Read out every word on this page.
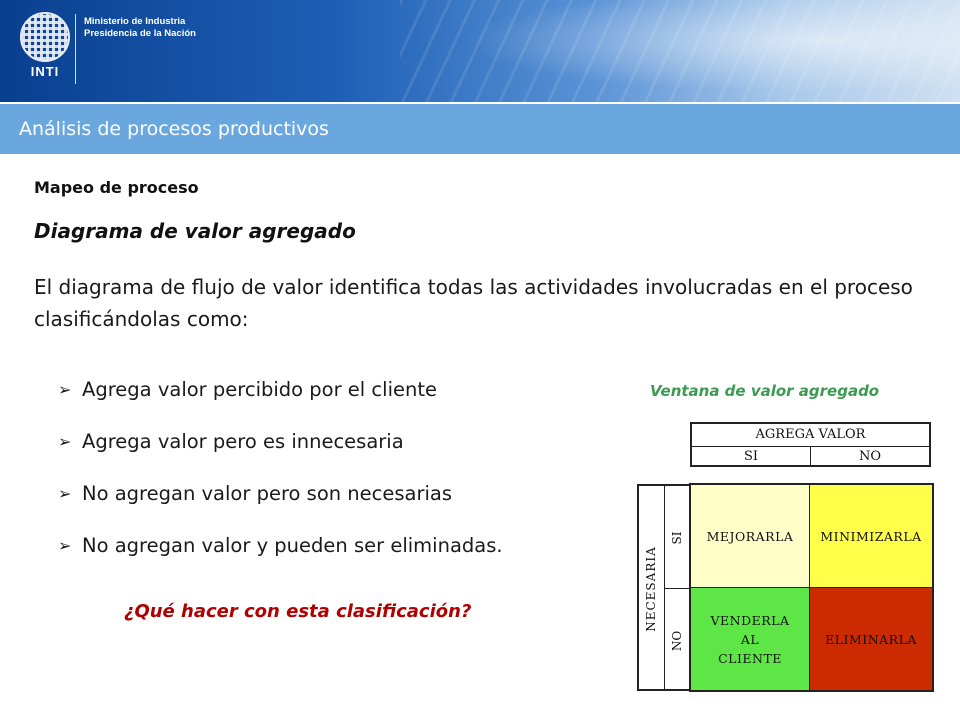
INTI
Ministerio de Industria
Presidencia de la Nación
Análisis de procesos productivos
Mapeo de proceso
Diagrama de valor agregado
El diagrama de flujo de valor identifica todas las actividades involucradas en el proceso clasificándolas como:
➢ Agrega valor percibido por el cliente
➢ Agrega valor pero es innecesaria
➢ No agregan valor pero son necesarias
➢ No agregan valor y pueden ser eliminadas.
¿Qué hacer con esta clasificación?
Ventana de valor agregado
AGREGA VALOR
SI	NO
NECESARIA
SI
NO
MEJORARLA MINIMIZARLA
VENDERLA
AL
CLIENTE
ELIMINARLA
